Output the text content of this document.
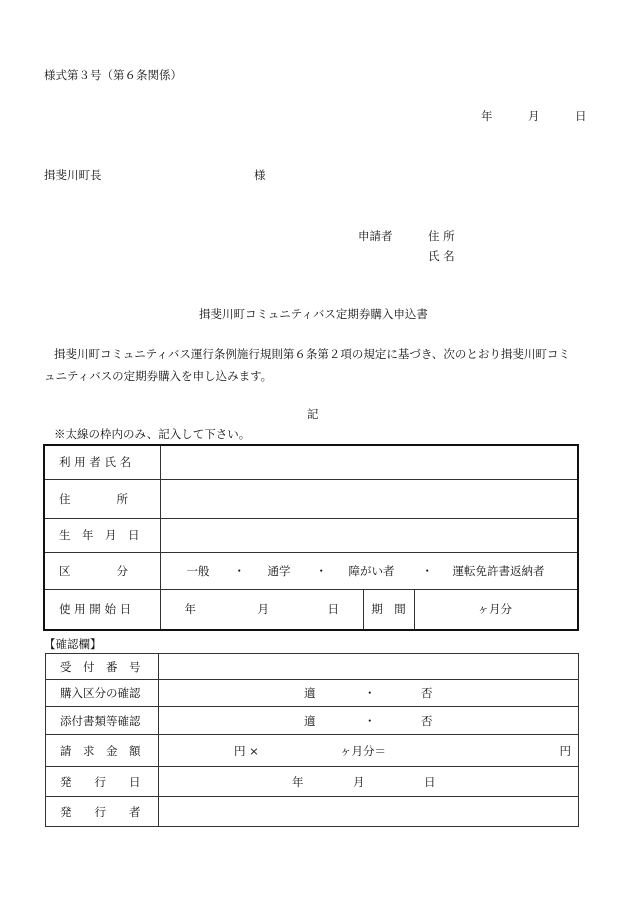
様式第３号（第６条関係）
年	月	日
揖斐川町長	様
申請者	住 所
氏 名
揖斐川町コミュニティバス定期券購入申込書
揖斐川町コミュニティバス運行条例施行規則第６条第２項の規定に基づき、次のとおり揖斐川町コミ
ュニティバスの定期券購入を申し込みます。
記
※太線の枠内のみ、記入して下さい。
利 用 者 氏 名			
住　　　　所			
生　年　月　日			
区　　　　分	一般 ・ 通学 ・ 障がい者 ・ 運転免許書返納者		
使 用 開 始 日	年 月 日	期　間	ヶ月分
【確認欄】
受　付　番　号	
購入区分の確認	適 ・ 否
添付書類等確認	適 ・ 否
請　求　金　額	円 × ヶ月分＝ 円

発　　行　　日	年 月 日
発　　行　　者	
